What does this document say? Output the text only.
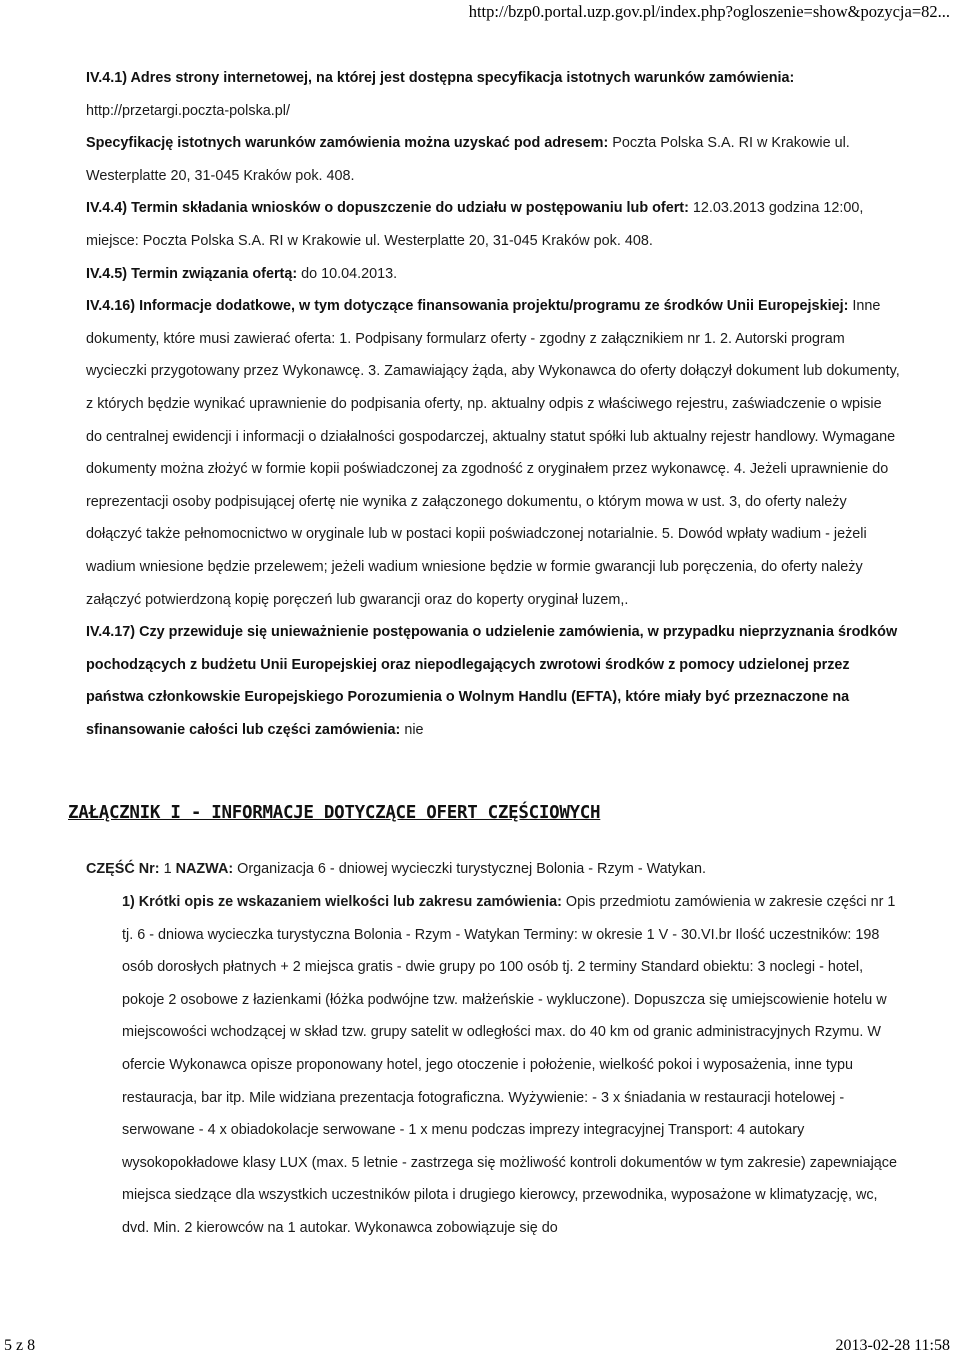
http://bzp0.portal.uzp.gov.pl/index.php?ogloszenie=show&pozycja=82...

IV.4.1) Adres strony internetowej, na której jest dostępna specyfikacja istotnych warunków zamówienia: http://przetargi.poczta-polska.pl/

Specyfikację istotnych warunków zamówienia można uzyskać pod adresem: Poczta Polska S.A. RI w Krakowie ul. Westerplatte 20, 31-045 Kraków pok. 408.

IV.4.4) Termin składania wniosków o dopuszczenie do udziału w postępowaniu lub ofert: 12.03.2013 godzina 12:00, miejsce: Poczta Polska S.A. RI w Krakowie ul. Westerplatte 20, 31-045 Kraków pok. 408.

IV.4.5) Termin związania ofertą: do 10.04.2013.

IV.4.16) Informacje dodatkowe, w tym dotyczące finansowania projektu/programu ze środków Unii Europejskiej: Inne dokumenty, które musi zawierać oferta: 1. Podpisany formularz oferty - zgodny z załącznikiem nr 1. 2. Autorski program wycieczki przygotowany przez Wykonawcę. 3. Zamawiający żąda, aby Wykonawca do oferty dołączył dokument lub dokumenty, z których będzie wynikać uprawnienie do podpisania oferty, np. aktualny odpis z właściwego rejestru, zaświadczenie o wpisie do centralnej ewidencji i informacji o działalności gospodarczej, aktualny statut spółki lub aktualny rejestr handlowy. Wymagane dokumenty można złożyć w formie kopii poświadczonej za zgodność z oryginałem przez wykonawcę. 4. Jeżeli uprawnienie do reprezentacji osoby podpisującej ofertę nie wynika z załączonego dokumentu, o którym mowa w ust. 3, do oferty należy dołączyć także pełnomocnictwo w oryginale lub w postaci kopii poświadczonej notarialnie. 5. Dowód wpłaty wadium - jeżeli wadium wniesione będzie przelewem; jeżeli wadium wniesione będzie w formie gwarancji lub poręczenia, do oferty należy załączyć potwierdzoną kopię poręczeń lub gwarancji oraz do koperty oryginał luzem,.

IV.4.17) Czy przewiduje się unieważnienie postępowania o udzielenie zamówienia, w przypadku nieprzyznania środków pochodzących z budżetu Unii Europejskiej oraz niepodlegających zwrotowi środków z pomocy udzielonej przez państwa członkowskie Europejskiego Porozumienia o Wolnym Handlu (EFTA), które miały być przeznaczone na sfinansowanie całości lub części zamówienia: nie

ZAŁĄCZNIK I - INFORMACJE DOTYCZĄCE OFERT CZĘŚCIOWYCH

CZĘŚĆ Nr: 1 NAZWA: Organizacja 6 - dniowej wycieczki turystycznej Bolonia - Rzym - Watykan.

1) Krótki opis ze wskazaniem wielkości lub zakresu zamówienia: Opis przedmiotu zamówienia w zakresie części nr 1 tj. 6 - dniowa wycieczka turystyczna Bolonia - Rzym - Watykan Terminy: w okresie 1 V - 30.VI.br Ilość uczestników: 198 osób dorosłych płatnych + 2 miejsca gratis - dwie grupy po 100 osób tj. 2 terminy Standard obiektu: 3 noclegi - hotel, pokoje 2 osobowe z łazienkami (łóżka podwójne tzw. małżeńskie - wykluczone). Dopuszcza się umiejscowienie hotelu w miejscowości wchodzącej w skład tzw. grupy satelit w odległości max. do 40 km od granic administracyjnych Rzymu. W ofercie Wykonawca opisze proponowany hotel, jego otoczenie i położenie, wielkość pokoi i wyposażenia, inne typu restauracja, bar itp. Mile widziana prezentacja fotograficzna. Wyżywienie: - 3 x śniadania w restauracji hotelowej -serwowane - 4 x obiadokolacje serwowane - 1 x menu podczas imprezy integracyjnej Transport: 4 autokary wysokopokładowe klasy LUX (max. 5 letnie - zastrzega się możliwość kontroli dokumentów w tym zakresie) zapewniające miejsca siedzące dla wszystkich uczestników pilota i drugiego kierowcy, przewodnika, wyposażone w klimatyzację, wc, dvd. Min. 2 kierowców na 1 autokar. Wykonawca zobowiązuje się do

5 z 8	2013-02-28 11:58
